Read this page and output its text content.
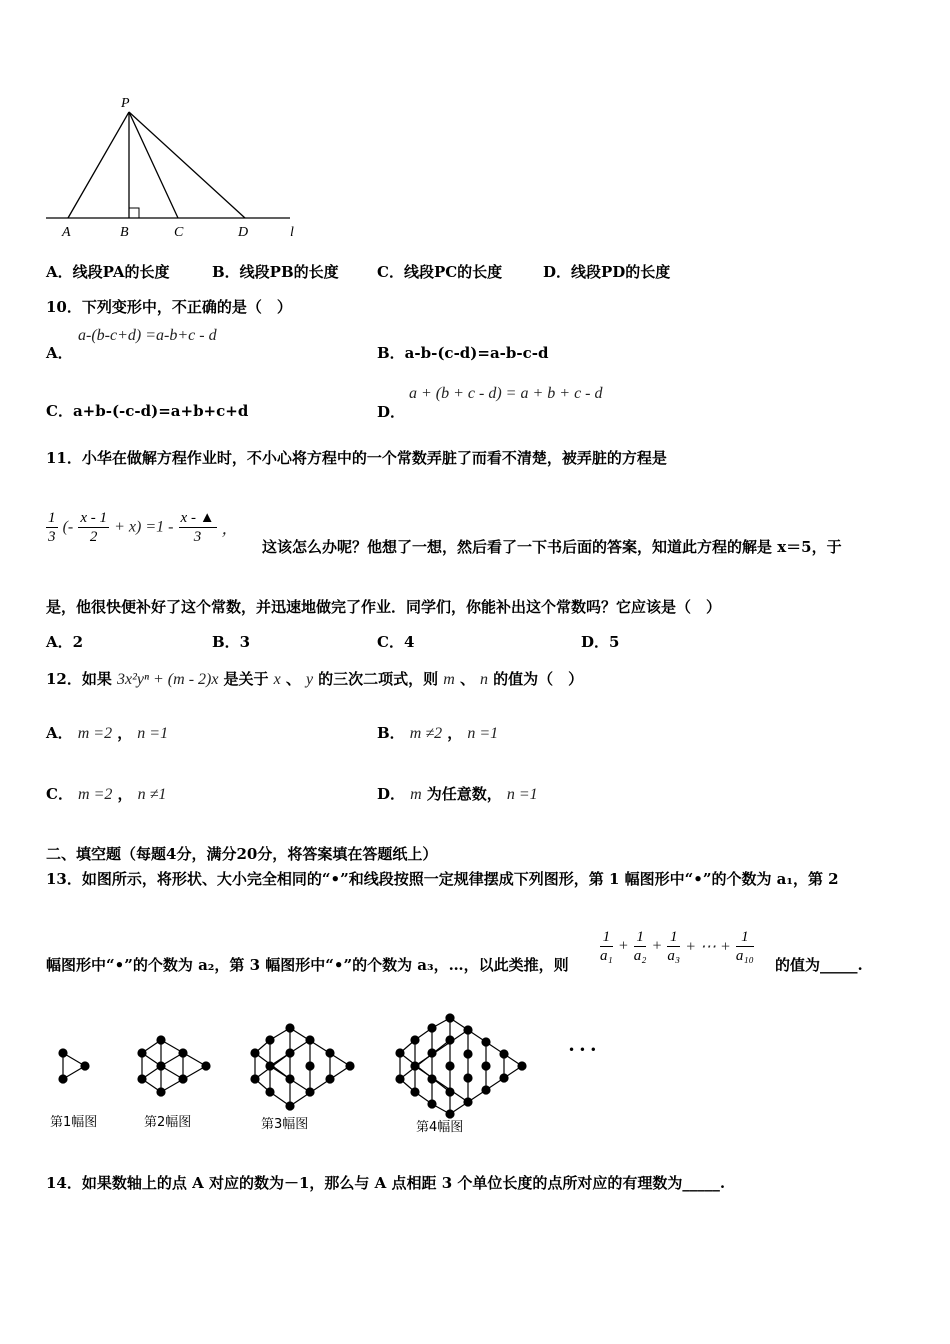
P
A	B	C	D	l
A．线段PA的长度	B．线段PB的长度	C．线段PC的长度	D．线段PD的长度
10．下列变形中，不正确的是（　）
A．
a-(b-c+d) =a-b+c - d
B．a-b-(c-d)=a-b-c-d
C．a+b-(-c-d)=a+b+c+d	D．
a + (b + c - d) = a + b + c - d
11．小华在做解方程作业时，不小心将方程中的一个常数弄脏了而看不清楚，被弄脏的方程是
$\frac{1}{3}$ (- $\frac{x - 1}{2} + x) =1 - \frac{x - ▲}{3}$ ，
这该怎么办呢？他想了一想，然后看了一下书后面的答案，知道此方程的解是 x＝5，于
是，他很快便补好了这个常数，并迅速地做完了作业．同学们，你能补出这个常数吗？它应该是（　）
A．2	B．3	C．4	D．5
12．如果 3x²yⁿ + (m - 2)x 是关于 x 、 y 的三次二项式，则 m 、 n 的值为（　）
A． m =2 ， n =1	B． m ≠2 ， n =1
C． m =2 ， n ≠1	D． m 为任意数， n =1
二、填空题（每题4分，满分20分，将答案填在答题纸上）
13．如图所示，将形状、大小完全相同的“•”和线段按照一定规律摆成下列图形，第 1 幅图形中“•”的个数为 a₁，第 2
幅图形中“•”的个数为 a₂，第 3 幅图形中“•”的个数为 a₃，…，以此类推，则 $\frac{1}{\text{a₁}} + \frac{1}{\text{a₂}} + \frac{1}{\text{a₃}}$ + ⋯ + $\frac{1}{\text{a₁₀}}$ 的值为_____.
• • •
第1幅图	第2幅图	第3幅图	第4幅图
14．如果数轴上的点 A 对应的数为－1，那么与 A 点相距 3 个单位长度的点所对应的有理数为_____.
